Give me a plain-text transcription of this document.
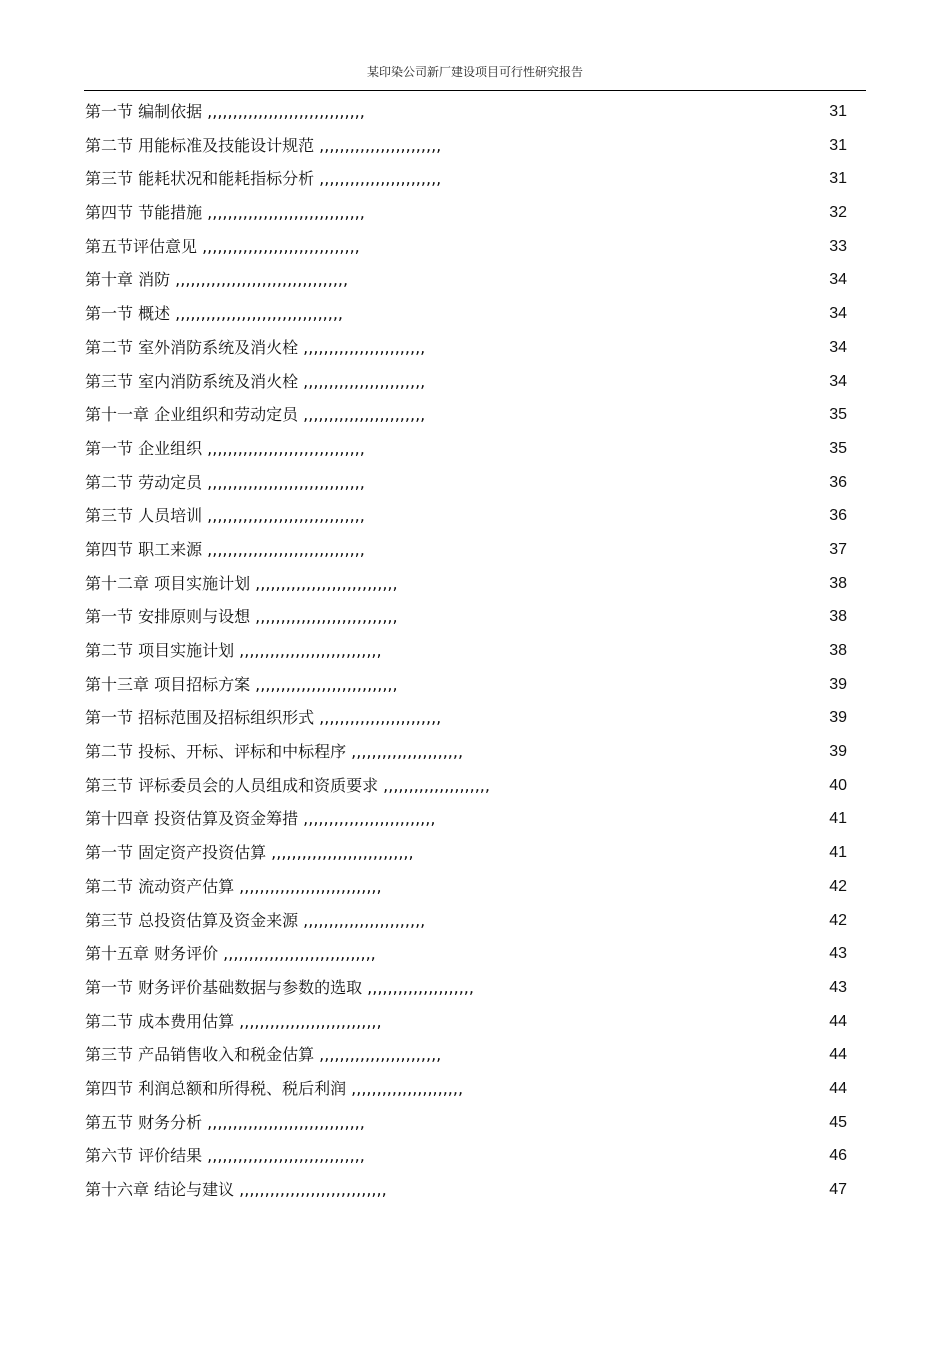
某印染公司新厂建设项目可行性研究报告
第一节 编制依据 ,,,,,,,,,,,,,,,,,,,,,,,,,,,,,,,	31
第二节 用能标准及技能设计规范 ,,,,,,,,,,,,,,,,,,,,,,,,	31
第三节 能耗状况和能耗指标分析 ,,,,,,,,,,,,,,,,,,,,,,,,	31
第四节 节能措施 ,,,,,,,,,,,,,,,,,,,,,,,,,,,,,,,	32
第五节评估意见 ,,,,,,,,,,,,,,,,,,,,,,,,,,,,,,,	33
第十章 消防 ,,,,,,,,,,,,,,,,,,,,,,,,,,,,,,,,,,	34
第一节 概述 ,,,,,,,,,,,,,,,,,,,,,,,,,,,,,,,,,	34
第二节 室外消防系统及消火栓 ,,,,,,,,,,,,,,,,,,,,,,,,	34
第三节 室内消防系统及消火栓 ,,,,,,,,,,,,,,,,,,,,,,,,	34
第十一章 企业组织和劳动定员 ,,,,,,,,,,,,,,,,,,,,,,,,	35
第一节 企业组织 ,,,,,,,,,,,,,,,,,,,,,,,,,,,,,,,	35
第二节 劳动定员 ,,,,,,,,,,,,,,,,,,,,,,,,,,,,,,,	36
第三节 人员培训 ,,,,,,,,,,,,,,,,,,,,,,,,,,,,,,,	36
第四节 职工来源 ,,,,,,,,,,,,,,,,,,,,,,,,,,,,,,,	37
第十二章 项目实施计划 ,,,,,,,,,,,,,,,,,,,,,,,,,,,,	38
第一节 安排原则与设想 ,,,,,,,,,,,,,,,,,,,,,,,,,,,,	38
第二节 项目实施计划 ,,,,,,,,,,,,,,,,,,,,,,,,,,,,	38
第十三章 项目招标方案 ,,,,,,,,,,,,,,,,,,,,,,,,,,,,	39
第一节 招标范围及招标组织形式 ,,,,,,,,,,,,,,,,,,,,,,,,	39
第二节 投标、开标、评标和中标程序 ,,,,,,,,,,,,,,,,,,,,,,	39
第三节 评标委员会的人员组成和资质要求 ,,,,,,,,,,,,,,,,,,,,,	40
第十四章 投资估算及资金筹措 ,,,,,,,,,,,,,,,,,,,,,,,,,,	41
第一节 固定资产投资估算 ,,,,,,,,,,,,,,,,,,,,,,,,,,,,	41
第二节 流动资产估算 ,,,,,,,,,,,,,,,,,,,,,,,,,,,,	42
第三节 总投资估算及资金来源 ,,,,,,,,,,,,,,,,,,,,,,,,	42
第十五章 财务评价 ,,,,,,,,,,,,,,,,,,,,,,,,,,,,,,	43
第一节 财务评价基础数据与参数的选取 ,,,,,,,,,,,,,,,,,,,,,	43
第二节 成本费用估算 ,,,,,,,,,,,,,,,,,,,,,,,,,,,,	44
第三节 产品销售收入和税金估算 ,,,,,,,,,,,,,,,,,,,,,,,,	44
第四节 利润总额和所得税、税后利润 ,,,,,,,,,,,,,,,,,,,,,,	44
第五节 财务分析 ,,,,,,,,,,,,,,,,,,,,,,,,,,,,,,,	45
第六节 评价结果 ,,,,,,,,,,,,,,,,,,,,,,,,,,,,,,,	46
第十六章 结论与建议 ,,,,,,,,,,,,,,,,,,,,,,,,,,,,,	47
